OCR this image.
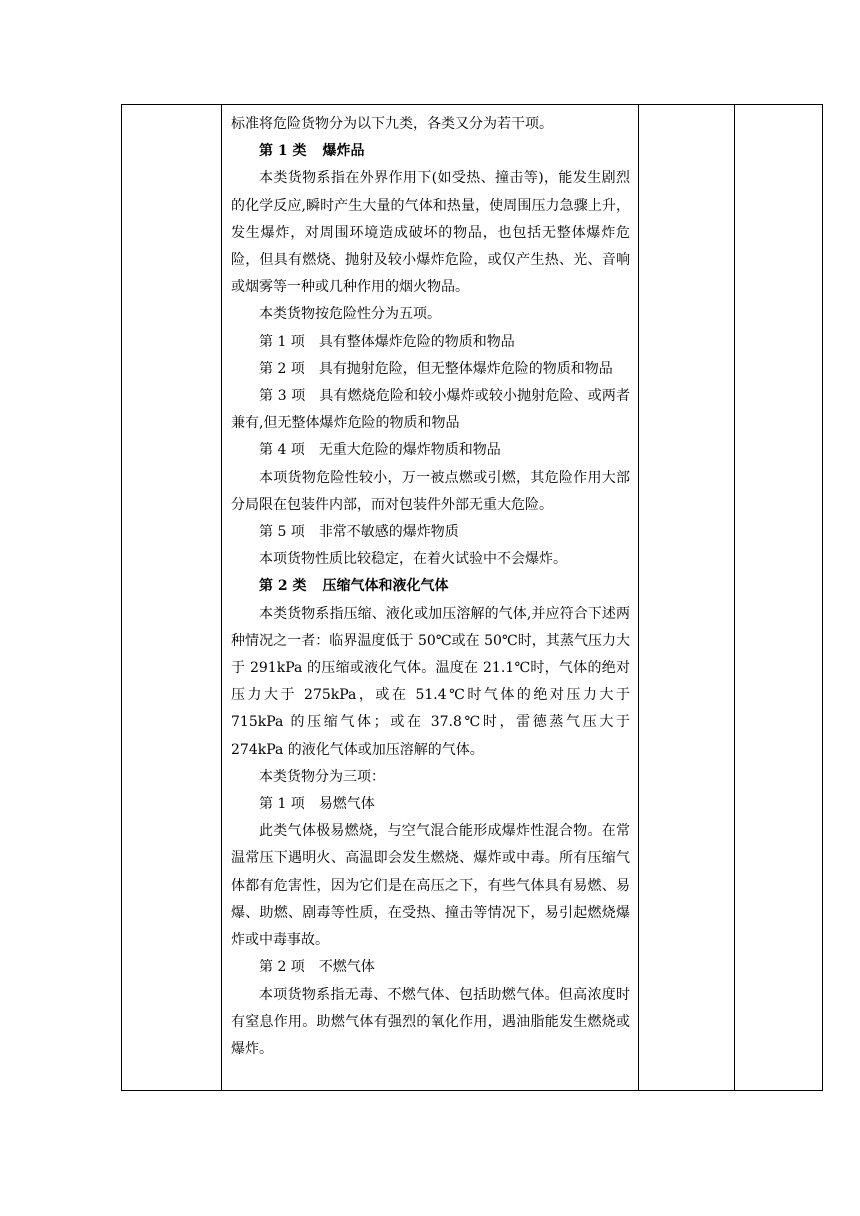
标准将危险货物分为以下九类，各类又分为若干项。

第 1 类 爆炸品

本类货物系指在外界作用下(如受热、撞击等)，能发生剧烈的化学反应,瞬时产生大量的气体和热量，使周围压力急骤上升，发生爆炸，对周围环境造成破坏的物品，也包括无整体爆炸危险，但具有燃烧、抛射及较小爆炸危险，或仅产生热、光、音响或烟雾等一种或几种作用的烟火物品。

本类货物按危险性分为五项。

第 1 项 具有整体爆炸危险的物质和物品

第 2 项 具有抛射危险，但无整体爆炸危险的物质和物品

第 3 项 具有燃烧危险和较小爆炸或较小抛射危险、或两者兼有,但无整体爆炸危险的物质和物品

第 4 项 无重大危险的爆炸物质和物品

本项货物危险性较小，万一被点燃或引燃，其危险作用大部分局限在包装件内部，而对包装件外部无重大危险。

第 5 项 非常不敏感的爆炸物质

本项货物性质比较稳定，在着火试验中不会爆炸。

第 2 类 压缩气体和液化气体

本类货物系指压缩、液化或加压溶解的气体,并应符合下述两种情况之一者：临界温度低于 50℃或在 50℃时，其蒸气压力大于 291kPa 的压缩或液化气体。温度在 21.1℃时，气体的绝对压力大于 275kPa，或在 51.4℃时气体的绝对压力大于 715kPa 的压缩气体；或在 37.8℃时，雷德蒸气压大于 274kPa 的液化气体或加压溶解的气体。

本类货物分为三项：

第 1 项 易燃气体

此类气体极易燃烧，与空气混合能形成爆炸性混合物。在常温常压下遇明火、高温即会发生燃烧、爆炸或中毒。所有压缩气体都有危害性，因为它们是在高压之下，有些气体具有易燃、易爆、助燃、剧毒等性质，在受热、撞击等情况下，易引起燃烧爆炸或中毒事故。

第 2 项 不燃气体

本项货物系指无毒、不燃气体、包括助燃气体。但高浓度时有窒息作用。助燃气体有强烈的氧化作用，遇油脂能发生燃烧或爆炸。
